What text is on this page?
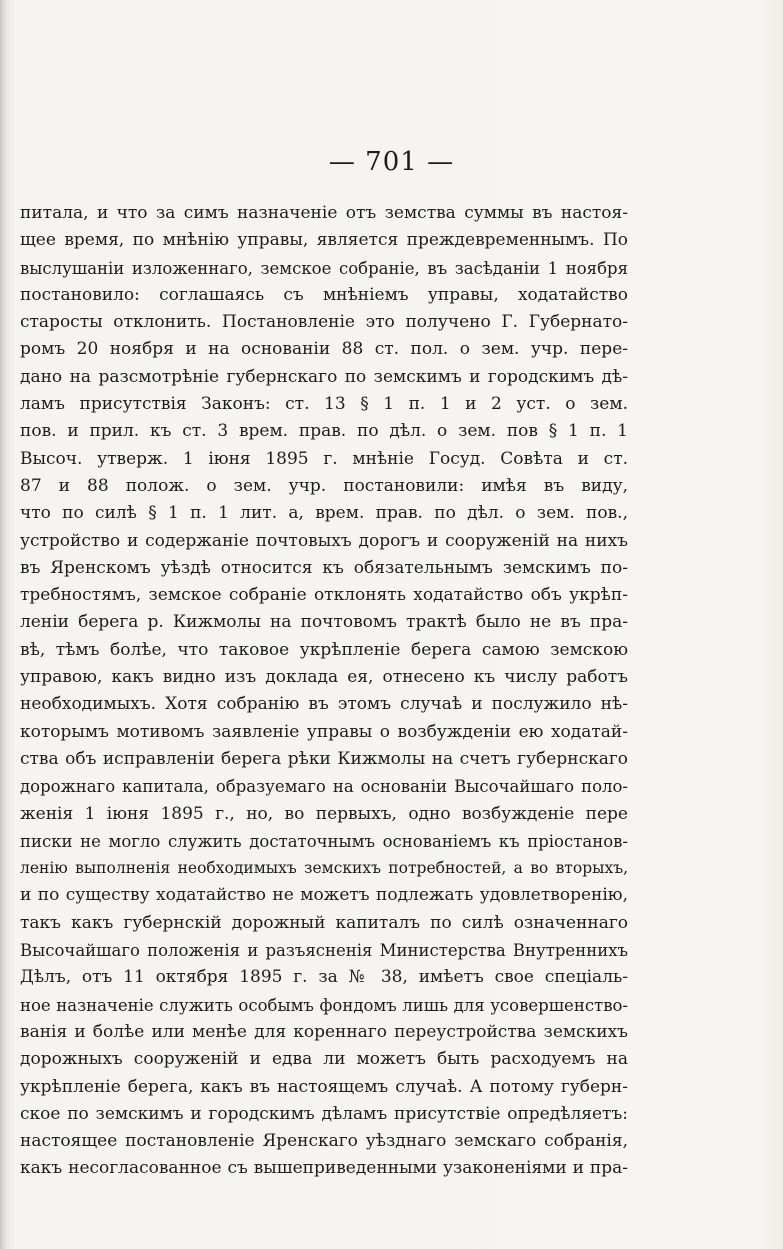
— 701 —
питала, и что за симъ назначенiе отъ земства суммы въ настоя-
щее время, по мнѣнiю управы, является преждевременнымъ. По
выслушанiи изложеннаго, земское собранiе, въ засѣданiи 1 ноября
постановило: соглашаясь съ мнѣнiемъ управы, ходатайство
старосты отклонить. Постановленiе это получено Г. Губернато-
ромъ 20 ноября и на основанiи 88 ст. пол. о зем. учр. пере-
дано на разсмотрѣнiе губернскаго по земскимъ и городскимъ дѣ-
ламъ присутствiя Законъ: ст. 13 § 1 п. 1 и 2 уст. о зем.
пов. и прил. къ ст. 3 врем. прав. по дѣл. о зем. пов § 1 п. 1
Высоч. утверж. 1 iюня 1895 г. мнѣнiе Госуд. Совѣта и ст.
87 и 88 полож. о зем. учр. постановили: имѣя въ виду,
что по силѣ § 1 п. 1 лит. а, врем. прав. по дѣл. о зем. пов.,
устройство и содержанiе почтовыхъ дорогъ и сооруженiй на нихъ
въ Яренскомъ уѣздѣ относится къ обязательнымъ земскимъ по-
требностямъ, земское собранiе отклонять ходатайство объ укрѣп-
ленiи берега р. Кижмолы на почтовомъ трактѣ было не въ пра-
вѣ, тѣмъ болѣе, что таковое укрѣпленiе берега самою земскою
управою, какъ видно изъ доклада ея, отнесено къ числу работъ
необходимыхъ. Хотя собранiю въ этомъ случаѣ и послужило нѣ-
которымъ мотивомъ заявленiе управы о возбужденiи ею ходатай-
ства объ исправленiи берега рѣки Кижмолы на счетъ губернскаго
дорожнаго капитала, образуемаго на основанiи Высочайшаго поло-
женiя 1 iюня 1895 г., но, во первыхъ, одно возбужденiе пере
писки не могло служить достаточнымъ основанiемъ къ прiостанов-
ленiю выполненiя необходимыхъ земскихъ потребностей, а во вторыхъ,
и по существу ходатайство не можетъ подлежать удовлетворенiю,
такъ какъ губернскiй дорожный капиталъ по силѣ означеннаго
Высочайшаго положенiя и разъясненiя Министерства Внутреннихъ
Дѣлъ, отъ 11 октября 1895 г. за № 38, имѣетъ свое спецiаль-
ное назначенiе служить особымъ фондомъ лишь для усовершенство-
ванiя и болѣе или менѣе для кореннаго переустройства земскихъ
дорожныхъ сооруженiй и едва ли можетъ быть расходуемъ на
укрѣпленiе берега, какъ въ настоящемъ случаѣ. А потому губерн-
ское по земскимъ и городскимъ дѣламъ присутствiе опредѣляетъ:
настоящее постановленiе Яренскаго уѣзднаго земскаго собранiя,
какъ несогласованное съ вышеприведенными узаконенiями и пра-
